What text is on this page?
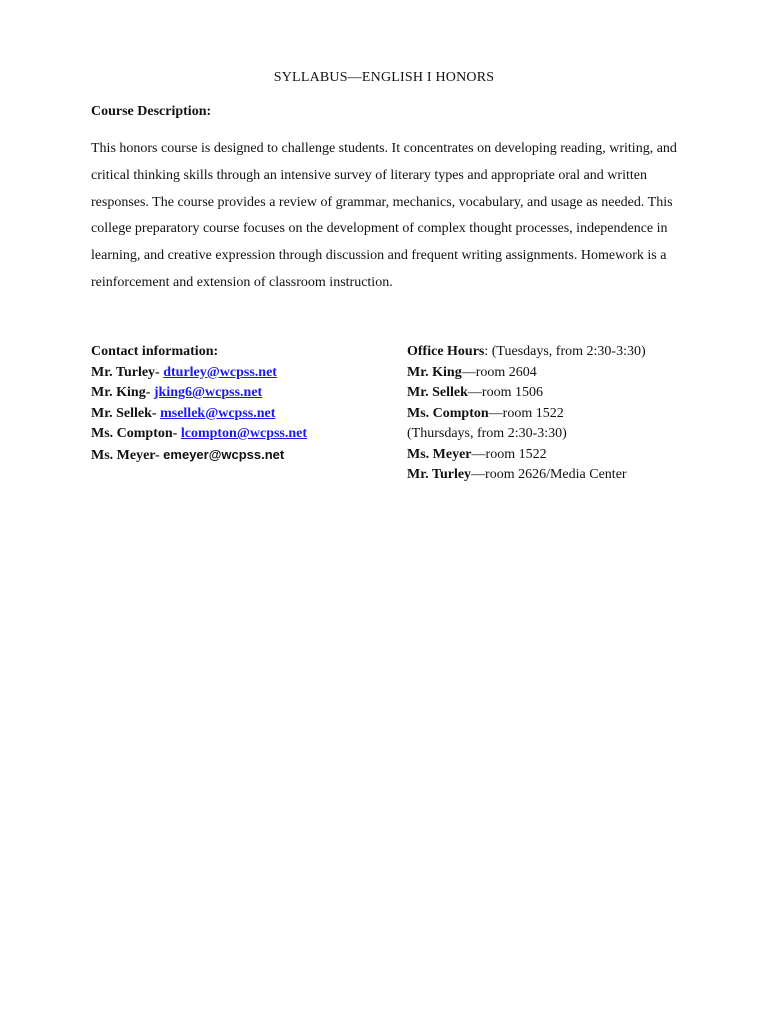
SYLLABUS—ENGLISH I HONORS
Course Description:

This honors course is designed to challenge students. It concentrates on developing reading, writing, and critical thinking skills through an intensive survey of literary types and appropriate oral and written responses. The course provides a review of grammar, mechanics, vocabulary, and usage as needed. This college preparatory course focuses on the development of complex thought processes, independence in learning, and creative expression through discussion and frequent writing assignments. Homework is a reinforcement and extension of classroom instruction.

Contact information:
Mr. Turley- dturley@wcpss.net
Mr. King- jking6@wcpss.net
Mr. Sellek- msellek@wcpss.net
Ms. Compton- lcompton@wcpss.net
Ms. Meyer- emeyer@wcpss.net
Office Hours: (Tuesdays, from 2:30-3:30)
Mr. King—room 2604
Mr. Sellek—room 1506
Ms. Compton—room 1522
(Thursdays, from 2:30-3:30)
Ms. Meyer—room 1522
Mr. Turley—room 2626/Media Center
